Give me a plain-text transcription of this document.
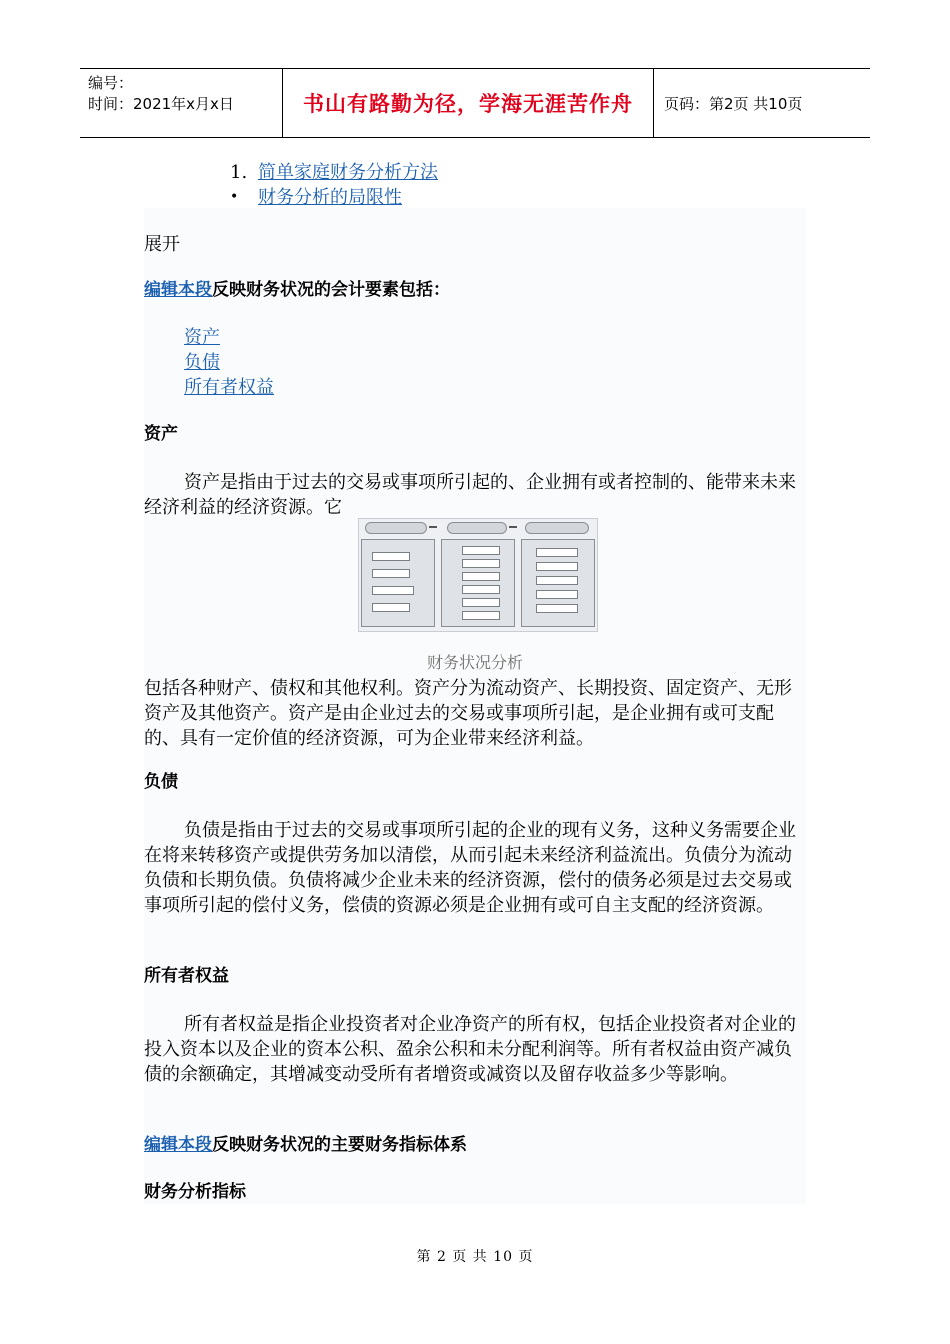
编号：
时间：2021年x月x日	书山有路勤为径，学海无涯苦作舟	页码：第2页 共10页
1. 简单家庭财务分析方法
•	财务分析的局限性
展开
编辑本段反映财务状况的会计要素包括：
资产
负债
所有者权益
资产
资产是指由于过去的交易或事项所引起的、企业拥有或者控制的、能带来未来经济利益的经济资源。它
财务状况分析
包括各种财产、债权和其他权利。资产分为流动资产、长期投资、固定资产、无形资产及其他资产。资产是由企业过去的交易或事项所引起，是企业拥有或可支配的、具有一定价值的经济资源，可为企业带来经济利益。
负债
负债是指由于过去的交易或事项所引起的企业的现有义务，这种义务需要企业在将来转移资产或提供劳务加以清偿，从而引起未来经济利益流出。负债分为流动负债和长期负债。负债将减少企业未来的经济资源，偿付的债务必须是过去交易或事项所引起的偿付义务，偿债的资源必须是企业拥有或可自主支配的经济资源。
所有者权益
所有者权益是指企业投资者对企业净资产的所有权，包括企业投资者对企业的投入资本以及企业的资本公积、盈余公积和未分配利润等。所有者权益由资产减负债的余额确定，其增减变动受所有者增资或减资以及留存收益多少等影响。
编辑本段反映财务状况的主要财务指标体系
财务分析指标
第 2 页 共 10 页
